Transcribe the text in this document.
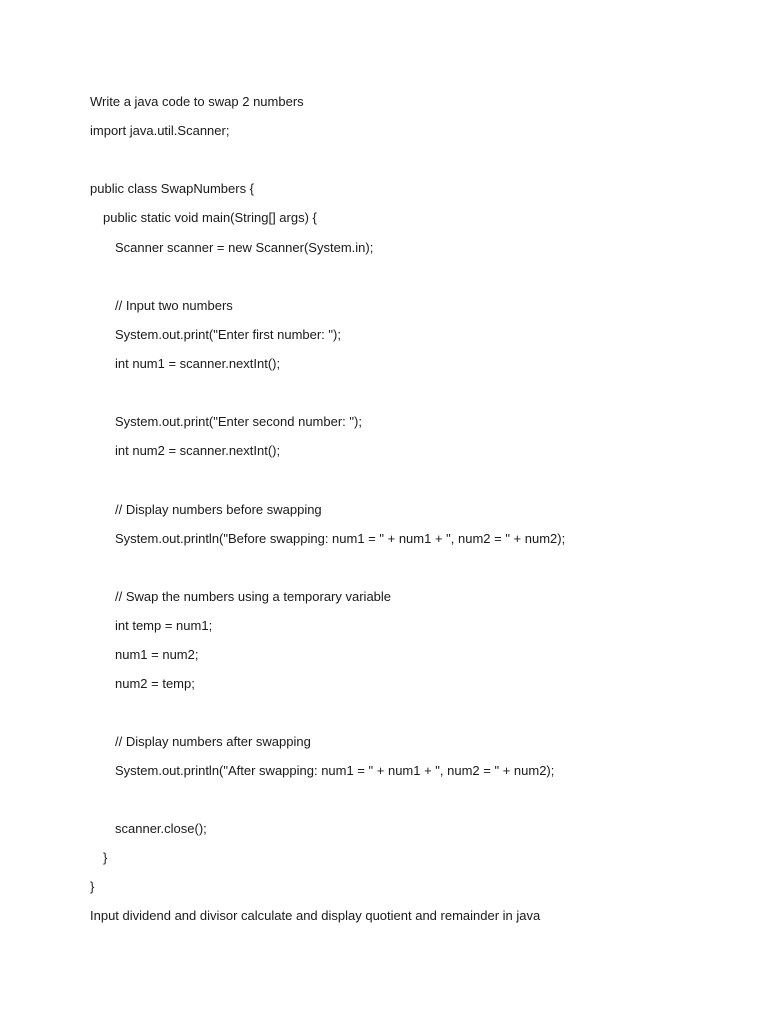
Write a java code to swap 2 numbers
import java.util.Scanner;
public class SwapNumbers {
public static void main(String[] args) {
Scanner scanner = new Scanner(System.in);
// Input two numbers
System.out.print("Enter first number: ");
int num1 = scanner.nextInt();
System.out.print("Enter second number: ");
int num2 = scanner.nextInt();
// Display numbers before swapping
System.out.println("Before swapping: num1 = " + num1 + ", num2 = " + num2);
// Swap the numbers using a temporary variable
int temp = num1;
num1 = num2;
num2 = temp;
// Display numbers after swapping
System.out.println("After swapping: num1 = " + num1 + ", num2 = " + num2);
scanner.close();
}
}
Input dividend and divisor calculate and display quotient and remainder in java
